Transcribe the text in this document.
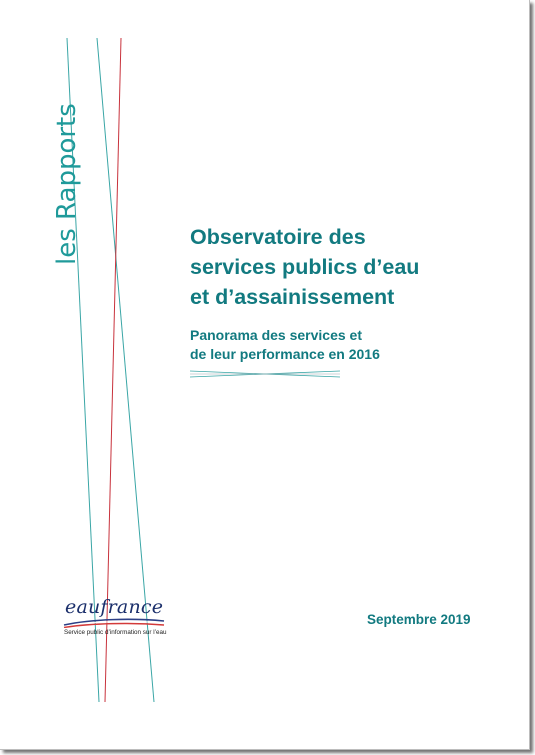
les Rapports	Observatoire des
services publics d’eau
et d’assainissement
Panorama des services et
de leur performance en 2016
eaufrance
Service public d’information sur l’eau
Septembre 2019
